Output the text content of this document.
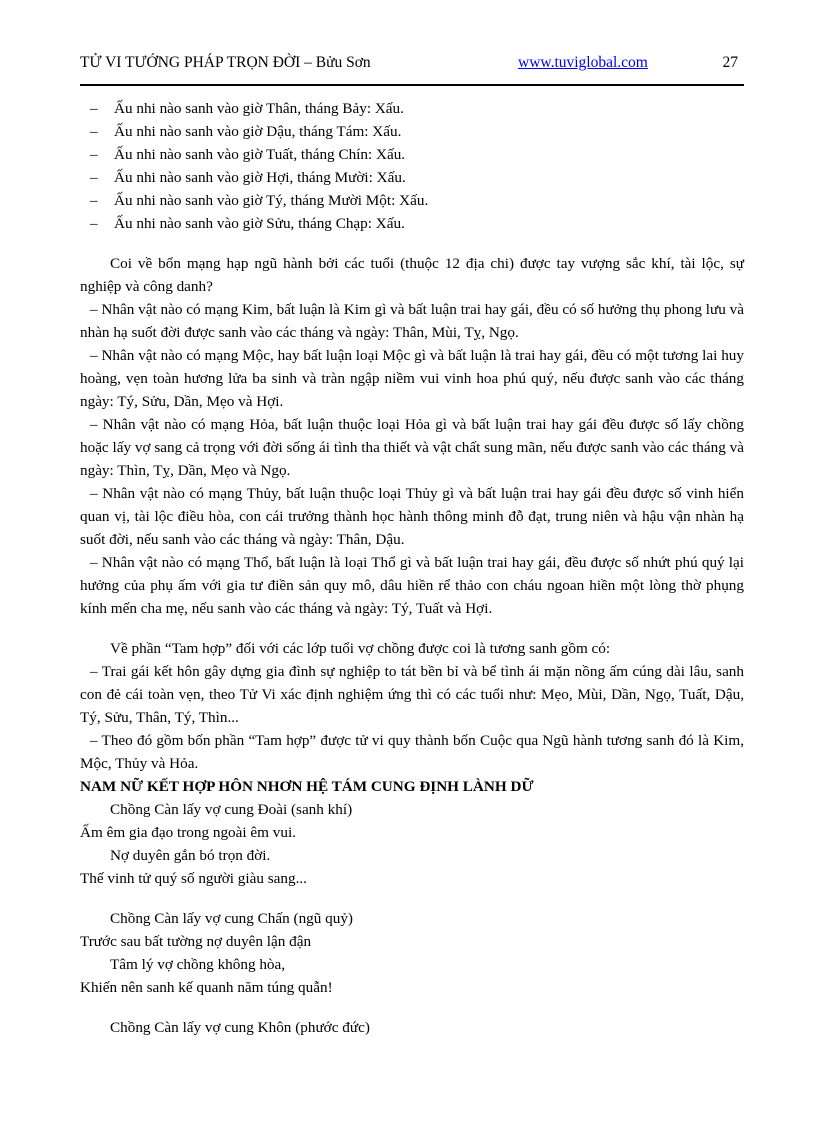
TỬ VI TƯỚNG PHÁP TRỌN ĐỜI – Bửu Sơn	www.tuviglobal.com	27
– Ấu nhi nào sanh vào giờ Thân, tháng Bảy: Xấu.
– Ấu nhi nào sanh vào giờ Dậu, tháng Tám: Xấu.
– Ấu nhi nào sanh vào giờ Tuất, tháng Chín: Xấu.
– Ấu nhi nào sanh vào giờ Hợi, tháng Mười: Xấu.
– Ấu nhi nào sanh vào giờ Tý, tháng Mười Một: Xấu.
– Ấu nhi nào sanh vào giờ Sửu, tháng Chạp: Xấu.

Coi về bổn mạng hạp ngũ hành bởi các tuổi (thuộc 12 địa chi) được tay vượng sắc khí, tài lộc, sự nghiệp và công danh?

– Nhân vật nào có mạng Kim, bất luận là Kim gì và bất luận trai hay gái, đều có số hưởng thụ phong lưu và nhàn hạ suốt đời được sanh vào các tháng và ngày: Thân, Mùi, Tỵ, Ngọ.

– Nhân vật nào có mạng Mộc, hay bất luận loại Mộc gì và bất luận là trai hay gái, đều có một tương lai huy hoàng, vẹn toàn hương lửa ba sinh và tràn ngập niềm vui vinh hoa phú quý, nếu được sanh vào các tháng ngày: Tý, Sửu, Dần, Mẹo và Hợi.

– Nhân vật nào có mạng Hỏa, bất luận thuộc loại Hỏa gì và bất luận trai hay gái đều được số lấy chồng hoặc lấy vợ sang cả trọng với đời sống ái tình tha thiết và vật chất sung mãn, nếu được sanh vào các tháng và ngày: Thìn, Tỵ, Dần, Mẹo và Ngọ.

– Nhân vật nào có mạng Thủy, bất luận thuộc loại Thủy gì và bất luận trai hay gái đều được số vinh hiển quan vị, tài lộc điều hòa, con cái trưởng thành học hành thông minh đỗ đạt, trung niên và hậu vận nhàn hạ suốt đời, nếu sanh vào các tháng và ngày: Thân, Dậu.

– Nhân vật nào có mạng Thổ, bất luận là loại Thổ gì và bất luận trai hay gái, đều được số nhứt phú quý lại hưởng của phụ ấm với gia tư điền sản quy mô, dâu hiền rể thảo con cháu ngoan hiền một lòng thờ phụng kính mến cha mẹ, nếu sanh vào các tháng và ngày: Tý, Tuất và Hợi.

Về phần “Tam hợp” đối với các lớp tuổi vợ chồng được coi là tương sanh gồm có:

– Trai gái kết hôn gây dựng gia đình sự nghiệp to tát bền bỉ và bể tình ái mặn nồng ấm cúng dài lâu, sanh con đẻ cái toàn vẹn, theo Tử Vi xác định nghiệm ứng thì có các tuổi như: Mẹo, Mùi, Dần, Ngọ, Tuất, Dậu, Tý, Sửu, Thân, Tý, Thìn...

– Theo đó gồm bốn phần “Tam hợp” được tử vi quy thành bốn Cuộc qua Ngũ hành tương sanh đó là Kim, Mộc, Thủy và Hỏa.

NAM NỮ KẾT HỢP HÔN NHƠN HỆ TÁM CUNG ĐỊNH LÀNH DỮ

Chồng Càn lấy vợ cung Đoài (sanh khí)
Ấm êm gia đạo trong ngoài êm vui.
Nợ duyên gắn bó trọn đời.
Thế vinh tử quý số người giàu sang...
Chồng Càn lấy vợ cung Chấn (ngũ quỷ)
Trước sau bất tường nợ duyên lận đận
Tâm lý vợ chồng không hòa,
Khiến nên sanh kế quanh năm túng quẫn!
Chồng Càn lấy vợ cung Khôn (phước đức)
